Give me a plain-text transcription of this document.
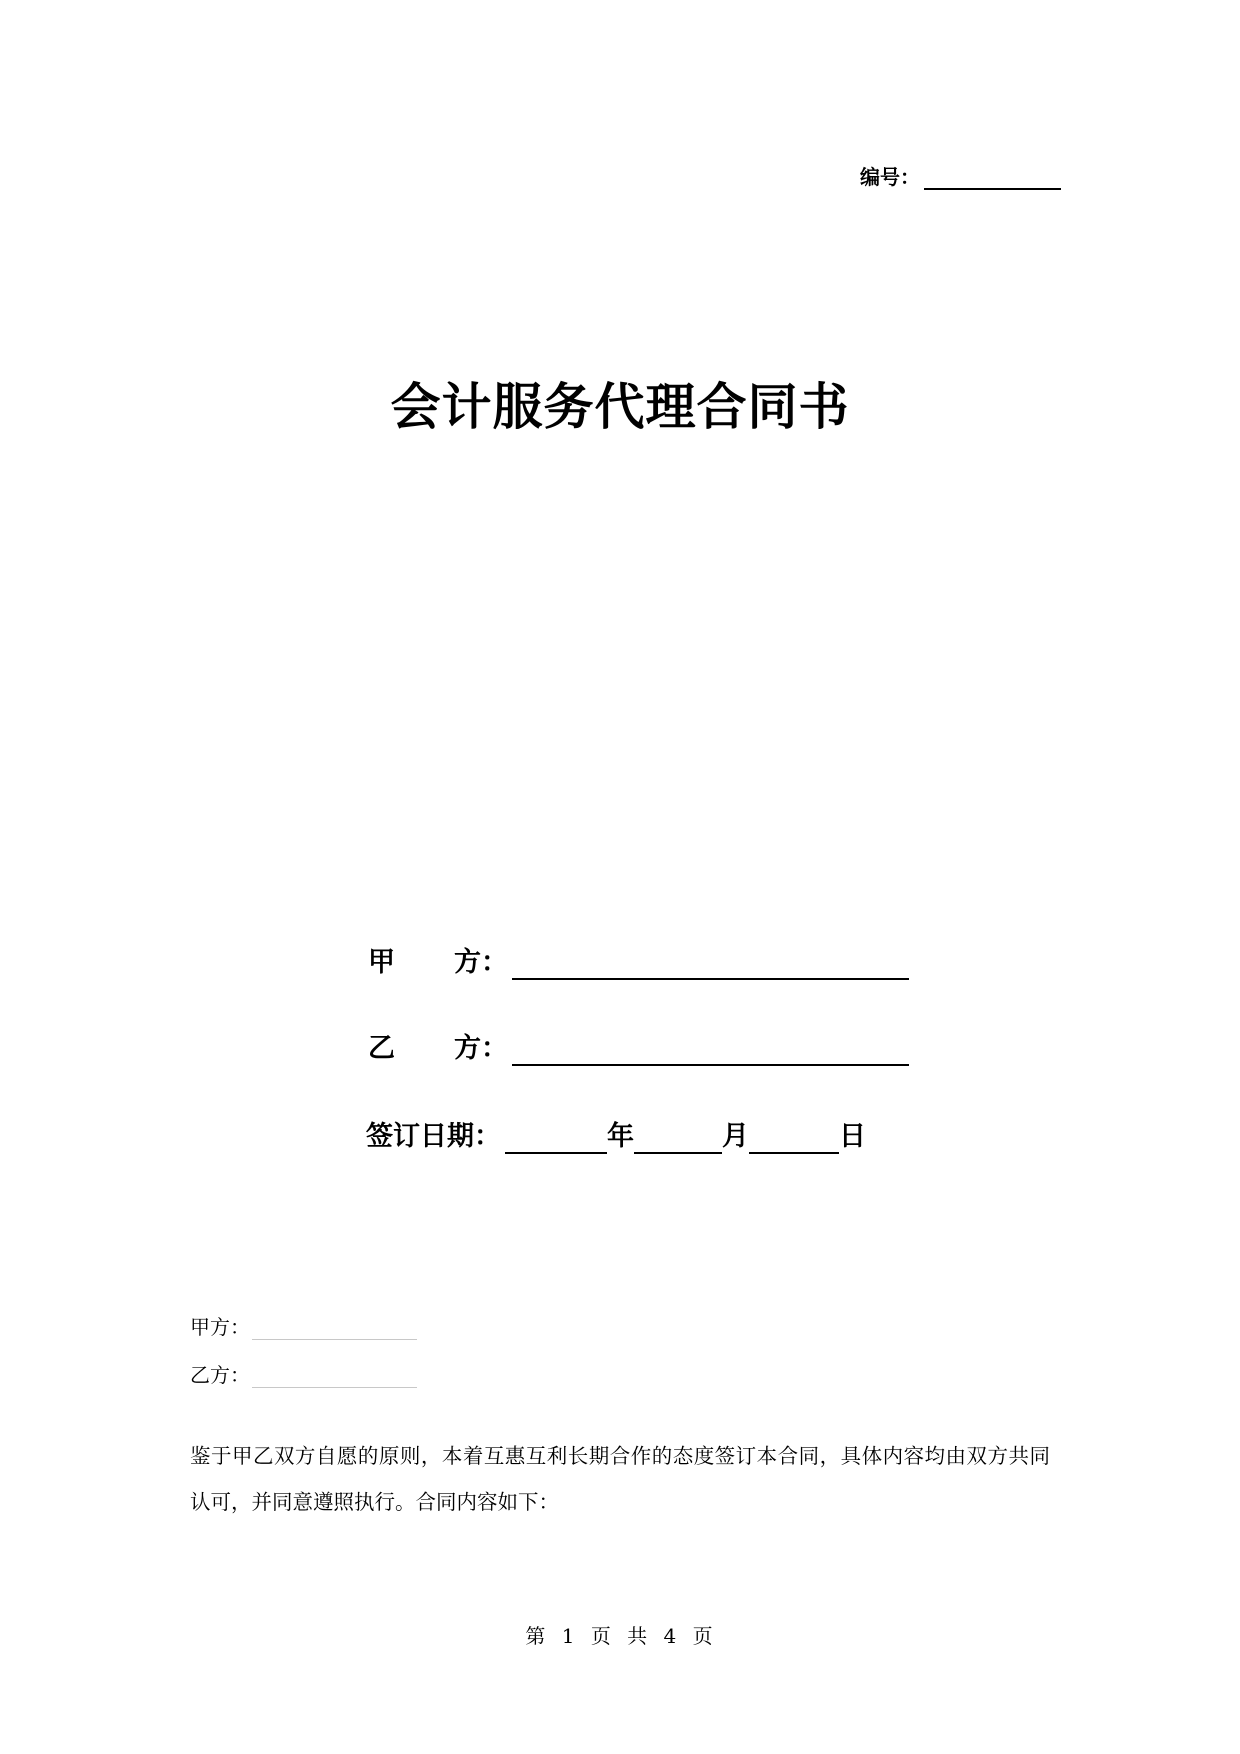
编号：
会计服务代理合同书
甲　方 ：
乙　方 ：
签订日期：	年	月	日
甲方：
乙方：

鉴于甲乙双方自愿的原则，本着互惠互利长期合作的态度签订本合同，具体内容均由双方共同认可，并同意遵照执行。合同内容如下：

第 1 页 共 4 页
